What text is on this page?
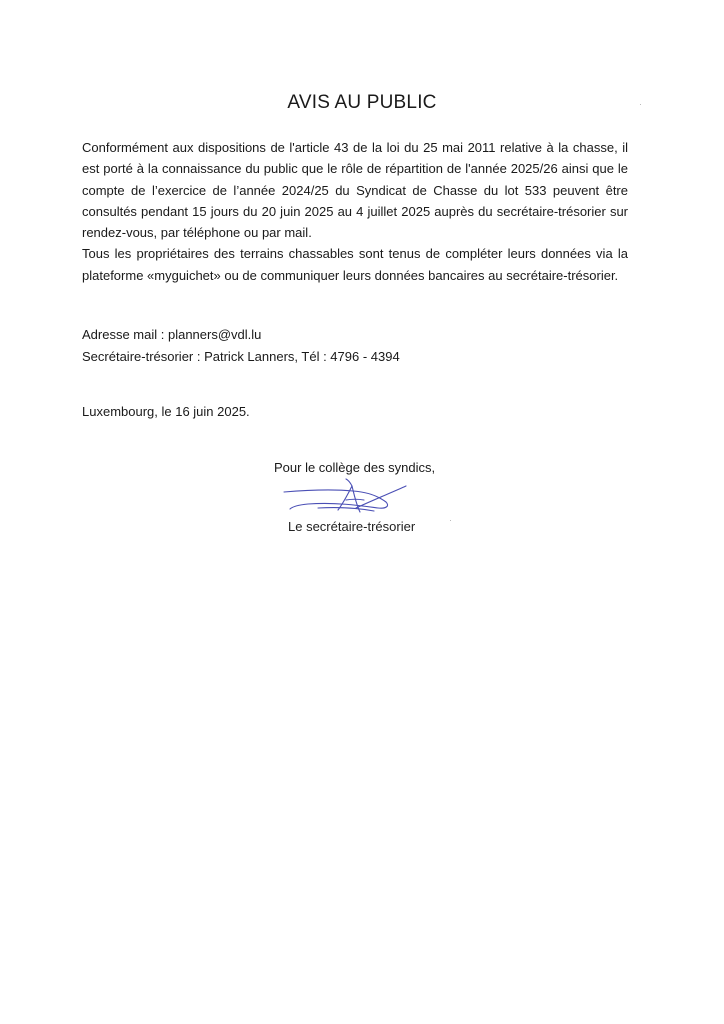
AVIS AU PUBLIC

Conformément aux dispositions de l'article 43 de la loi du 25 mai 2011 relative à la chasse, il est porté à la connaissance du public que le rôle de répartition de l'année 2025/26 ainsi que le compte de l’exercice de l’année 2024/25 du Syndicat de Chasse du lot 533 peuvent être consultés pendant 15 jours du 20 juin 2025 au 4 juillet 2025 auprès du secrétaire-trésorier sur rendez-vous, par téléphone ou par mail.

Tous les propriétaires des terrains chassables sont tenus de compléter leurs données via la plateforme «myguichet» ou de communiquer leurs données bancaires au secrétaire-trésorier.

Adresse mail : planners@vdl.lu
Secrétaire-trésorier : Patrick Lanners, Tél : 4796 - 4394
Luxembourg, le 16 juin 2025.
Pour le collège des syndics,
Le secrétaire-trésorier
